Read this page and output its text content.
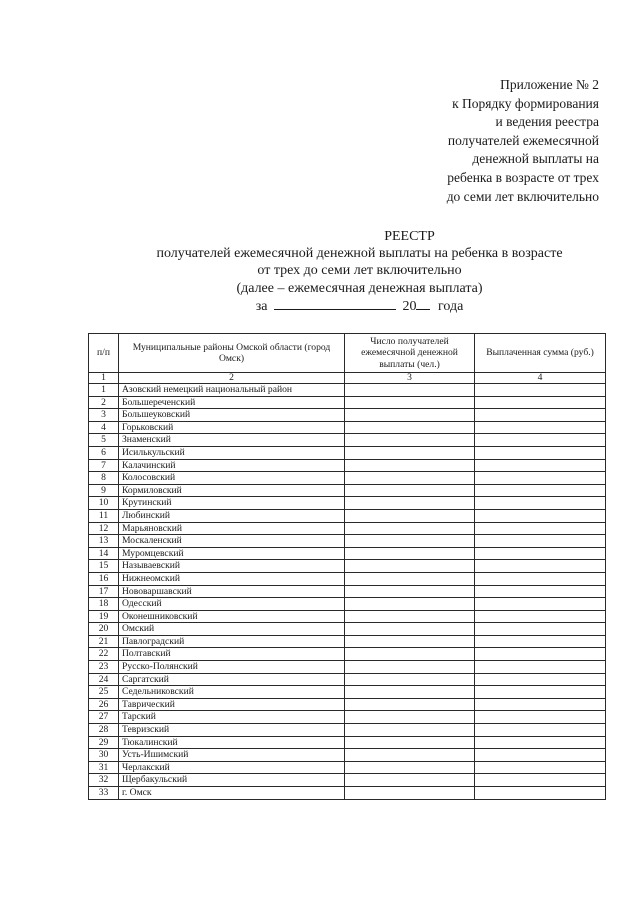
Приложение № 2
к Порядку формирования
и ведения реестра
получателей ежемесячной
денежной выплаты на
ребенка в возрасте от трех
до семи лет включительно
РЕЕСТР
получателей ежемесячной денежной выплаты на ребенка в возрасте
от трех до семи лет включительно
(далее – ежемесячная денежная выплата)
за	20 года
п/п	Муниципальные районы Омской области (город Омск)	Число получателей ежемесячной денежной выплаты (чел.)	Выплаченная сумма (руб.)
1	2	3	4
1	Азовский немецкий национальный район		
2	Большереченский		
3	Большеуковский		
4	Горьковский		
5	Знаменский		
6	Исилькульский		
7	Калачинский		
8	Колосовский		
9	Кормиловский		
10	Крутинский		
11	Любинский		
12	Марьяновский		
13	Москаленский		
14	Муромцевский		
15	Называевский		
16	Нижнеомский		
17	Нововаршавский		
18	Одесский		
19	Оконешниковский		
20	Омский		
21	Павлоградский		
22	Полтавский		
23	Русско-Полянский		
24	Саргатский		
25	Седельниковский		
26	Таврический		
27	Тарский		
28	Тевризский		
29	Тюкалинский		
30	Усть-Ишимский		
31	Черлакский		
32	Щербакульский		
33	г. Омск		
